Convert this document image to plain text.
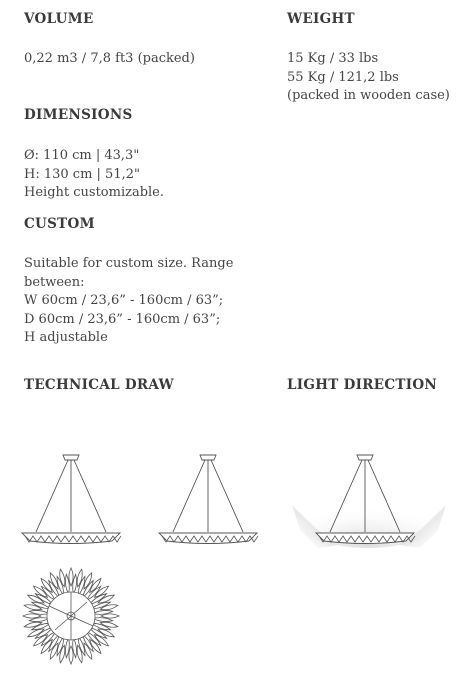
VOLUME

0,22 m3 / 7,8 ft3 (packed)

WEIGHT

15 Kg / 33 lbs
55 Kg / 121,2 lbs
(packed in wooden case)

DIMENSIONS

Ø: 110 cm | 43,3"
H: 130 cm | 51,2"
Height customizable.

CUSTOM

Suitable for custom size. Range
between:
W 60cm / 23,6” - 160cm / 63”;
D 60cm / 23,6” - 160cm / 63”;
H adjustable

TECHNICAL DRAW	LIGHT DIRECTION
